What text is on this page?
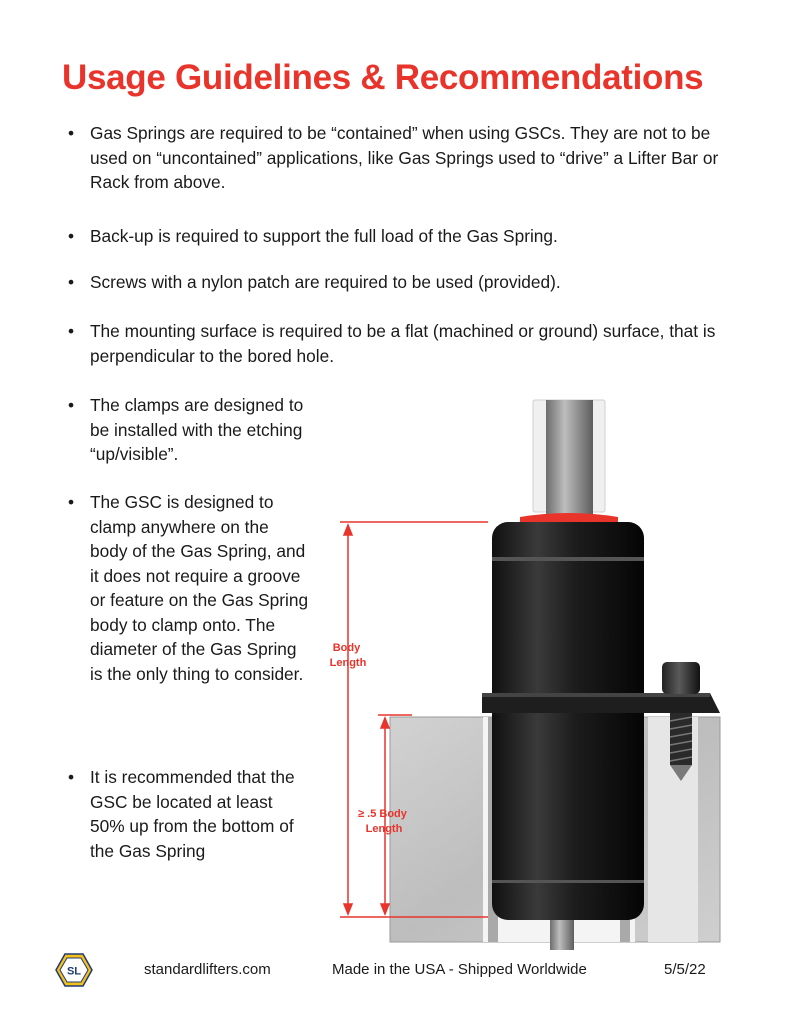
Usage Guidelines & Recommendations
• Gas Springs are required to be “contained” when using GSCs. They are not to be used on “uncontained” applications, like Gas Springs used to “drive” a Lifter Bar or Rack from above.
• Back-up is required to support the full load of the Gas Spring.
• Screws with a nylon patch are required to be used (provided).
• The mounting surface is required to be a flat (machined or ground) surface, that is perpendicular to the bored hole.
• The clamps are designed to be installed with the etching “up/visible”.
• The GSC is designed to clamp anywhere on the body of the Gas Spring, and it does not require a groove or feature on the Gas Spring body to clamp onto. The diameter of the Gas Spring is the only thing to consider.
• It is recommended that the GSC be located at least 50% up from the bottom of the Gas Spring
Body Length
≥ .5 Body Length
SL	standardlifters.com	Made in the USA - Shipped Worldwide	5/5/22
